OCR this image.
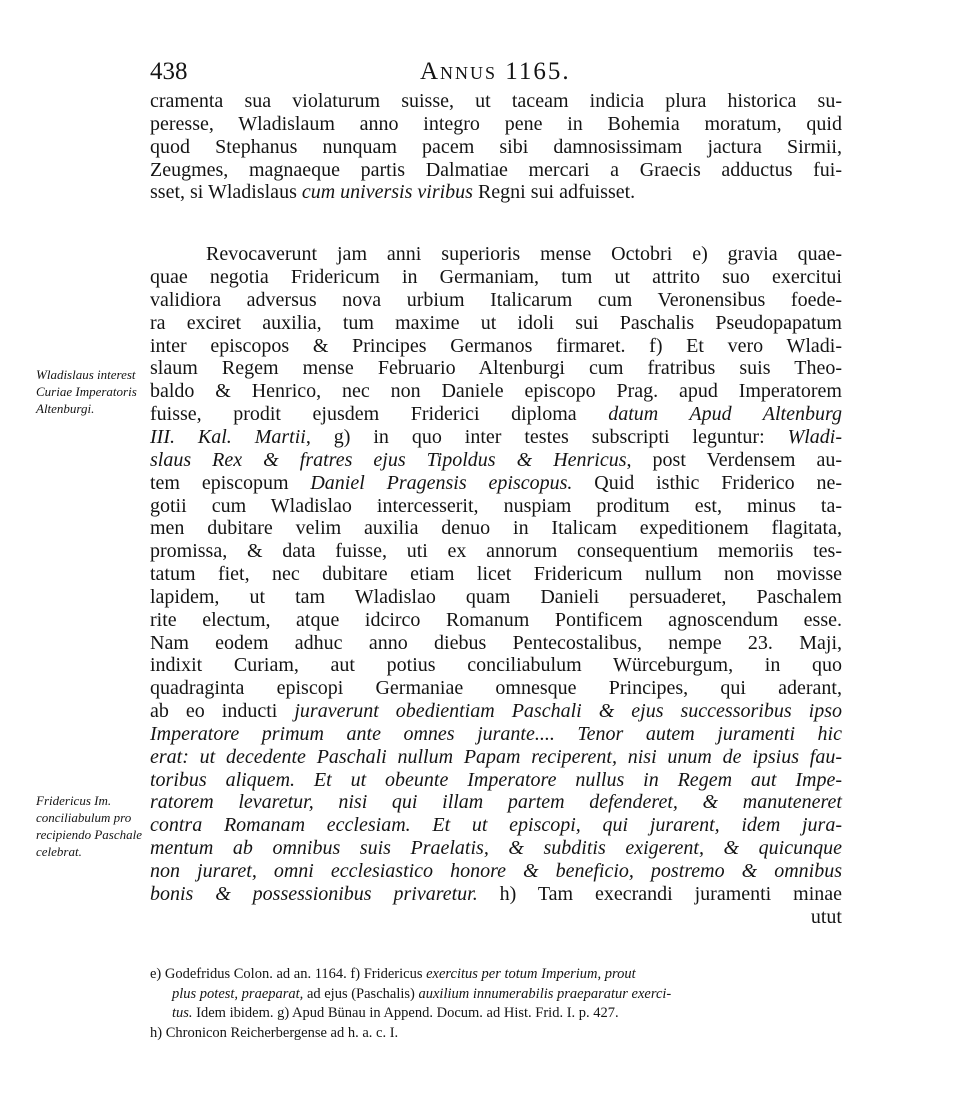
438	Annus 1165.
Wladislaus interest Curiae Imperatoris Altenburgi.
Fridericus Im. conciliabulum pro recipiendo Paschale celebrat.
cramenta sua violaturum suisse, ut taceam indicia plura historica su-
peresse, Wladislaum anno integro pene in Bohemia moratum, quid
quod Stephanus nunquam pacem sibi damnosissimam jactura Sirmii,
Zeugmes, magnaeque partis Dalmatiae mercari a Graecis adductus fui-
sset, si Wladislaus cum universis viribus Regni sui adfuisset.
Revocaverunt jam anni superioris mense Octobri e) gravia quae-
quae negotia Fridericum in Germaniam, tum ut attrito suo exercitui
validiora adversus nova urbium Italicarum cum Veronensibus foede-
ra exciret auxilia, tum maxime ut idoli sui Paschalis Pseudopapatum
inter episcopos & Principes Germanos firmaret. f) Et vero Wladi-
slaum Regem mense Februario Altenburgi cum fratribus suis Theo-
baldo & Henrico, nec non Daniele episcopo Prag. apud Imperatorem
fuisse, prodit ejusdem Friderici diploma datum Apud Altenburg
III. Kal. Martii, g) in quo inter testes subscripti leguntur: Wladi-
slaus Rex & fratres ejus Tipoldus & Henricus, post Verdensem au-
tem episcopum Daniel Pragensis episcopus. Quid isthic Friderico ne-
gotii cum Wladislao intercesserit, nuspiam proditum est, minus ta-
men dubitare velim auxilia denuo in Italicam expeditionem flagitata,
promissa, & data fuisse, uti ex annorum consequentium memoriis tes-
tatum fiet, nec dubitare etiam licet Fridericum nullum non movisse
lapidem, ut tam Wladislao quam Danieli persuaderet, Paschalem
rite electum, atque idcirco Romanum Pontificem agnoscendum esse.
Nam eodem adhuc anno diebus Pentecostalibus, nempe 23. Maji,
indixit Curiam, aut potius conciliabulum Würceburgum, in quo
quadraginta episcopi Germaniae omnesque Principes, qui aderant,
ab eo inducti juraverunt obedientiam Paschali & ejus successoribus ipso
Imperatore primum ante omnes jurante.... Tenor autem juramenti hic
erat: ut decedente Paschali nullum Papam reciperent, nisi unum de ipsius fau-
toribus aliquem. Et ut obeunte Imperatore nullus in Regem aut Impe-
ratorem levaretur, nisi qui illam partem defenderet, & manuteneret
contra Romanam ecclesiam. Et ut episcopi, qui jurarent, idem jura-
mentum ab omnibus suis Praelatis, & subditis exigerent, & quicunque
non juraret, omni ecclesiastico honore & beneficio, postremo & omnibus
bonis & possessionibus privaretur. h) Tam execrandi juramenti minae
utut
e) Godefridus Colon. ad an. 1164. f) Fridericus exercitus per totum Imperium, prout
plus potest, praeparat, ad ejus (Paschalis) auxilium innumerabilis praeparatur exerci-
tus. Idem ibidem. g) Apud Bünau in Append. Docum. ad Hist. Frid. I. p. 427.
h) Chronicon Reicherbergense ad h. a. c. I.
